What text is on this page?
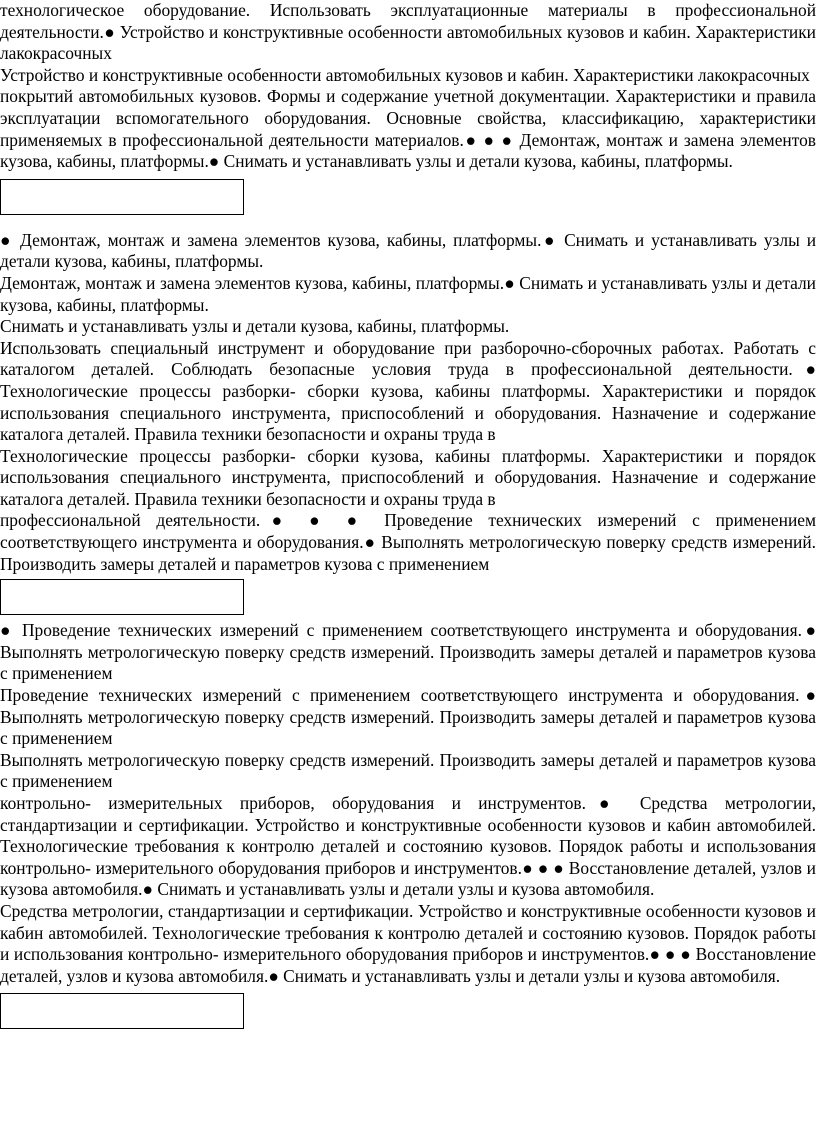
технологическое оборудование. Использовать эксплуатационные материалы в профессиональной деятельности.● Устройство и конструктивные особенности автомобильных кузовов и кабин. Характеристики лакокрасочных

Устройство и конструктивные особенности автомобильных кузовов и кабин. Характеристики лакокрасочных

покрытий автомобильных кузовов. Формы и содержание учетной документации. Характеристики и правила эксплуатации вспомогательного оборудования. Основные свойства, классификацию, характеристики применяемых в профессиональной деятельности материалов.● ● ● Демонтаж, монтаж и замена элементов кузова, кабины, платформы.● Снимать и устанавливать узлы и детали кузова, кабины, платформы.

● Демонтаж, монтаж и замена элементов кузова, кабины, платформы.● Снимать и устанавливать узлы и детали кузова, кабины, платформы.

Демонтаж, монтаж и замена элементов кузова, кабины, платформы.● Снимать и устанавливать узлы и детали кузова, кабины, платформы.

Снимать и устанавливать узлы и детали кузова, кабины, платформы.

Использовать специальный инструмент и оборудование при разборочно-сборочных работах. Работать с каталогом деталей. Соблюдать безопасные условия труда в профессиональной деятельности.● Технологические процессы разборки- сборки кузова, кабины платформы. Характеристики и порядок использования специального инструмента, приспособлений и оборудования. Назначение и содержание каталога деталей. Правила техники безопасности и охраны труда в

Технологические процессы разборки- сборки кузова, кабины платформы. Характеристики и порядок использования специального инструмента, приспособлений и оборудования. Назначение и содержание каталога деталей. Правила техники безопасности и охраны труда в

профессиональной деятельности.● ● ● Проведение технических измерений с применением соответствующего инструмента и оборудования.● Выполнять метрологическую поверку средств измерений. Производить замеры деталей и параметров кузова с применением

● Проведение технических измерений с применением соответствующего инструмента и оборудования.● Выполнять метрологическую поверку средств измерений. Производить замеры деталей и параметров кузова с применением

Проведение технических измерений с применением соответствующего инструмента и оборудования.● Выполнять метрологическую поверку средств измерений. Производить замеры деталей и параметров кузова с применением

Выполнять метрологическую поверку средств измерений. Производить замеры деталей и параметров кузова с применением

контрольно- измерительных приборов, оборудования и инструментов.● Средства метрологии, стандартизации и сертификации. Устройство и конструктивные особенности кузовов и кабин автомобилей. Технологические требования к контролю деталей и состоянию кузовов. Порядок работы и использования контрольно- измерительного оборудования приборов и инструментов.● ● ● Восстановление деталей, узлов и кузова автомобиля.● Снимать и устанавливать узлы и детали узлы и кузова автомобиля.

Средства метрологии, стандартизации и сертификации. Устройство и конструктивные особенности кузовов и кабин автомобилей. Технологические требования к контролю деталей и состоянию кузовов. Порядок работы и использования контрольно- измерительного оборудования приборов и инструментов.● ● ● Восстановление деталей, узлов и кузова автомобиля.● Снимать и устанавливать узлы и детали узлы и кузова автомобиля.
